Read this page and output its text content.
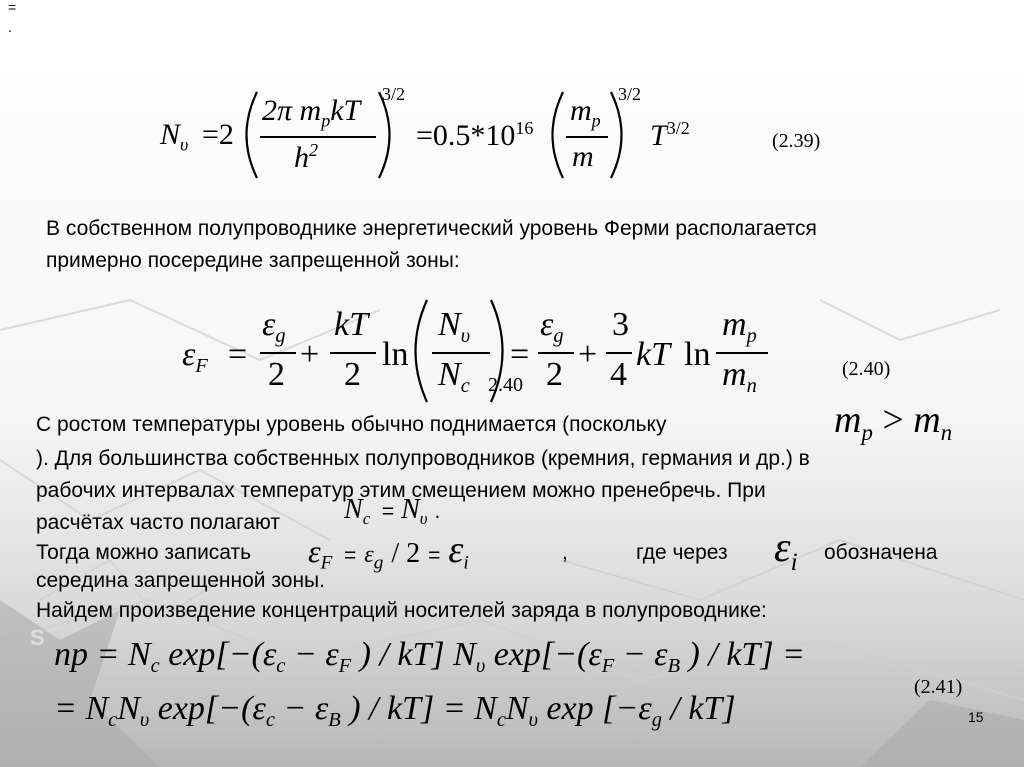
S
=
.
$N_\upsilon =2$
2π $m_pkT$
$h^2$
3/2
$=0.5*10^{16}$
$m_p$
m
3/2
$T^{3/2}$
(2.39)
В собственном полупроводнике энергетический уровень Ферми располагается
примерно посередине запрещенной зоны:
$\varepsilon_F$ =
$\varepsilon_g$
2
+
kT
2
ln
$N_\upsilon$
$N_c$ 2.40
=
$\varepsilon_g$
2
+
3
4
kT ln
$m_p$
$m_n$
(2.40)
С ростом температуры уровень обычно поднимается (поскольку	$m_p > m_n$
). Для большинства собственных полупроводников (кремния, германия и др.) в
рабочих интервалах температур этим смещением можно пренебречь. При
расчётах часто полагают $N_c = N_\upsilon$ .
Тогда можно записать $\varepsilon_F = \varepsilon_g / 2 = \varepsilon_i$	,	где через $\varepsilon_i$ обозначена
середина запрещенной зоны.
Найдем произведение концентраций носителей заряда в полупроводнике:
np = $N_c$ $\exp[-(\varepsilon_c - \varepsilon_F$ ) / kT] $N_\upsilon$ $\exp[-(\varepsilon_F - \varepsilon_B$ ) / kT] =
(2.41)
= $N_cN_\upsilon$ $\exp[-(\varepsilon_c - \varepsilon_B$ ) / $kT] = N_cN_\upsilon$ $\exp [-\varepsilon_g / kT]$	15
